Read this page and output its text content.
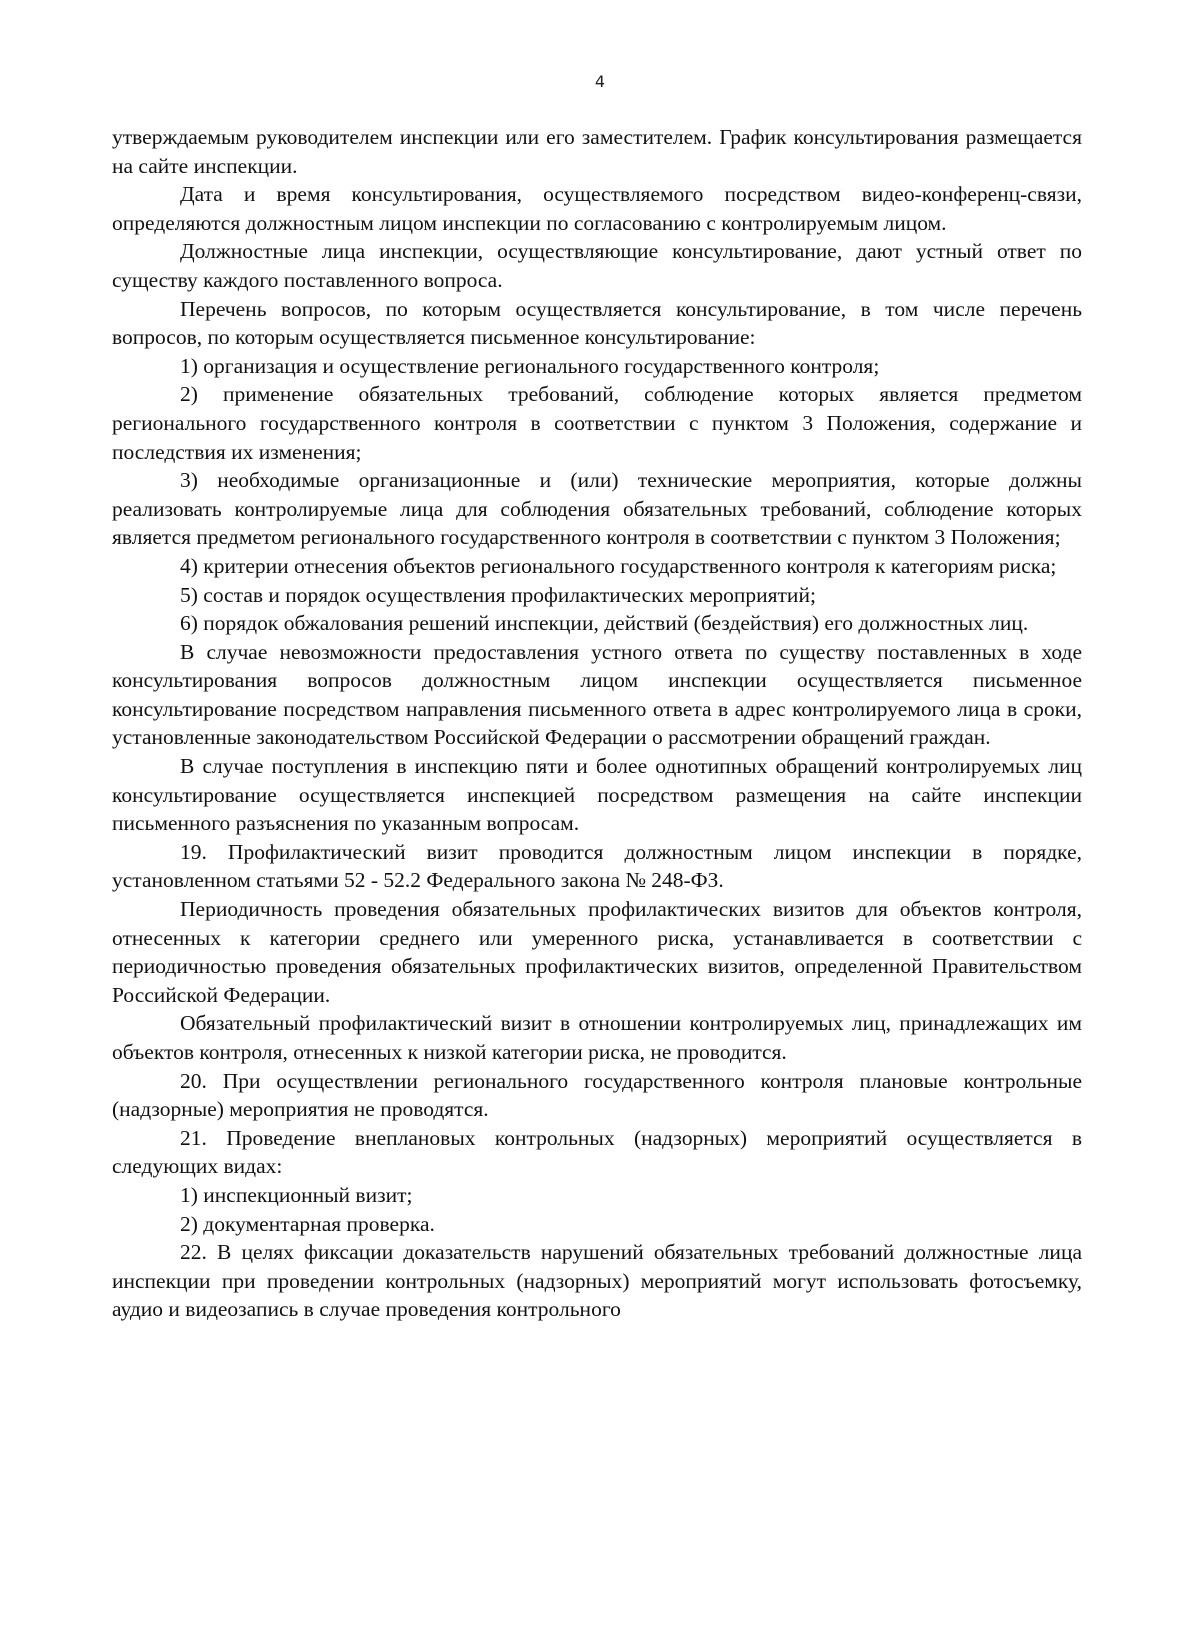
4

утверждаемым руководителем инспекции или его заместителем. График консультирования размещается на сайте инспекции.

Дата и время консультирования, осуществляемого посредством видео-конференц-связи, определяются должностным лицом инспекции по согласованию с контролируемым лицом.

Должностные лица инспекции, осуществляющие консультирование, дают устный ответ по существу каждого поставленного вопроса.

Перечень вопросов, по которым осуществляется консультирование, в том числе перечень вопросов, по которым осуществляется письменное консультирование:

1) организация и осуществление регионального государственного контроля;

2) применение обязательных требований, соблюдение которых является предметом регионального государственного контроля в соответствии с пунктом 3 Положения, содержание и последствия их изменения;

3) необходимые организационные и (или) технические мероприятия, которые должны реализовать контролируемые лица для соблюдения обязательных требований, соблюдение которых является предметом регионального государственного контроля в соответствии с пунктом 3 Положения;

4) критерии отнесения объектов регионального государственного контроля к категориям риска;

5) состав и порядок осуществления профилактических мероприятий;

6) порядок обжалования решений инспекции, действий (бездействия) его должностных лиц.

В случае невозможности предоставления устного ответа по существу поставленных в ходе консультирования вопросов должностным лицом инспекции осуществляется письменное консультирование посредством направления письменного ответа в адрес контролируемого лица в сроки, установленные законодательством Российской Федерации о рассмотрении обращений граждан.

В случае поступления в инспекцию пяти и более однотипных обращений контролируемых лиц консультирование осуществляется инспекцией посредством размещения на сайте инспекции письменного разъяснения по указанным вопросам.

19. Профилактический визит проводится должностным лицом инспекции в порядке, установленном статьями 52 - 52.2 Федерального закона № 248-ФЗ.

Периодичность проведения обязательных профилактических визитов для объектов контроля, отнесенных к категории среднего или умеренного риска, устанавливается в соответствии с периодичностью проведения обязательных профилактических визитов, определенной Правительством Российской Федерации.

Обязательный профилактический визит в отношении контролируемых лиц, принадлежащих им объектов контроля, отнесенных к низкой категории риска, не проводится.

20. При осуществлении регионального государственного контроля плановые контрольные (надзорные) мероприятия не проводятся.

21. Проведение внеплановых контрольных (надзорных) мероприятий осуществляется в следующих видах:

1) инспекционный визит;

2) документарная проверка.

22. В целях фиксации доказательств нарушений обязательных требований должностные лица инспекции при проведении контрольных (надзорных) мероприятий могут использовать фотосъемку, аудио и видеозапись в случае проведения контрольного
